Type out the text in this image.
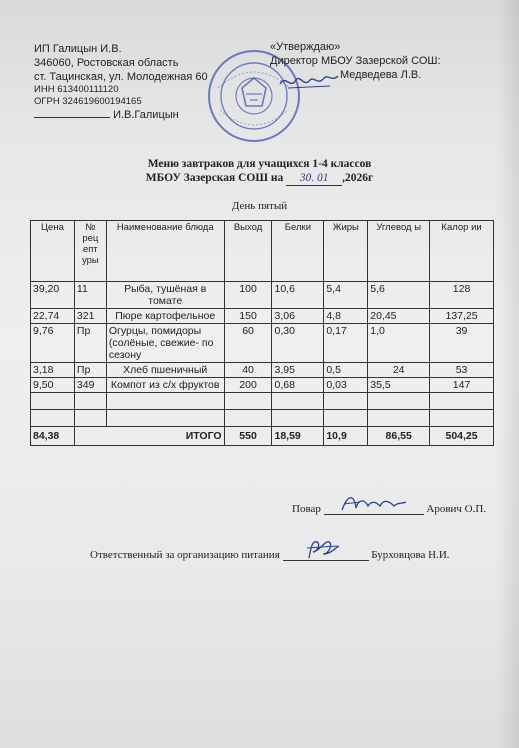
ИП Галицын И.В.
346060, Ростовская область
ст. Тацинская, ул. Молодежная 60
ИНН 613400111120
ОГРН 324619600194165
И.В.Галицын
«Утверждаю»
Директор МБОУ Зазерской СОШ:
Медведева Л.В.
Меню завтраков для учащихся 1-4 классов
МБОУ Зазерская СОШ на 30. 01 ,2026г
День пятый
Цена	№ рец епт уры	Наименование блюда	Выход	Белки	Жиры	Углевод ы	Калор ии
39,20	11	Рыба, тушёная в томате	100	10,6	5,4	5,6	128
22,74	321	Пюре картофельное	150	3,06	4,8	20,45	137,25
9,76	Пр	Огурцы, помидоры (солёные, свежие- по сезону	60	0,30	0,17	1,0	39
3,18	Пр	Хлеб пшеничный	40	3,95	0,5	24	53
9,50	349	Компот из с/х фруктов	200	0,68	0,03	35,5	147

84,38	ИТОГО		550	18,59	10,9	86,55	504,25
Повар	Арович О.П.
Ответственный за организацию питания	Бурховцова Н.И.
